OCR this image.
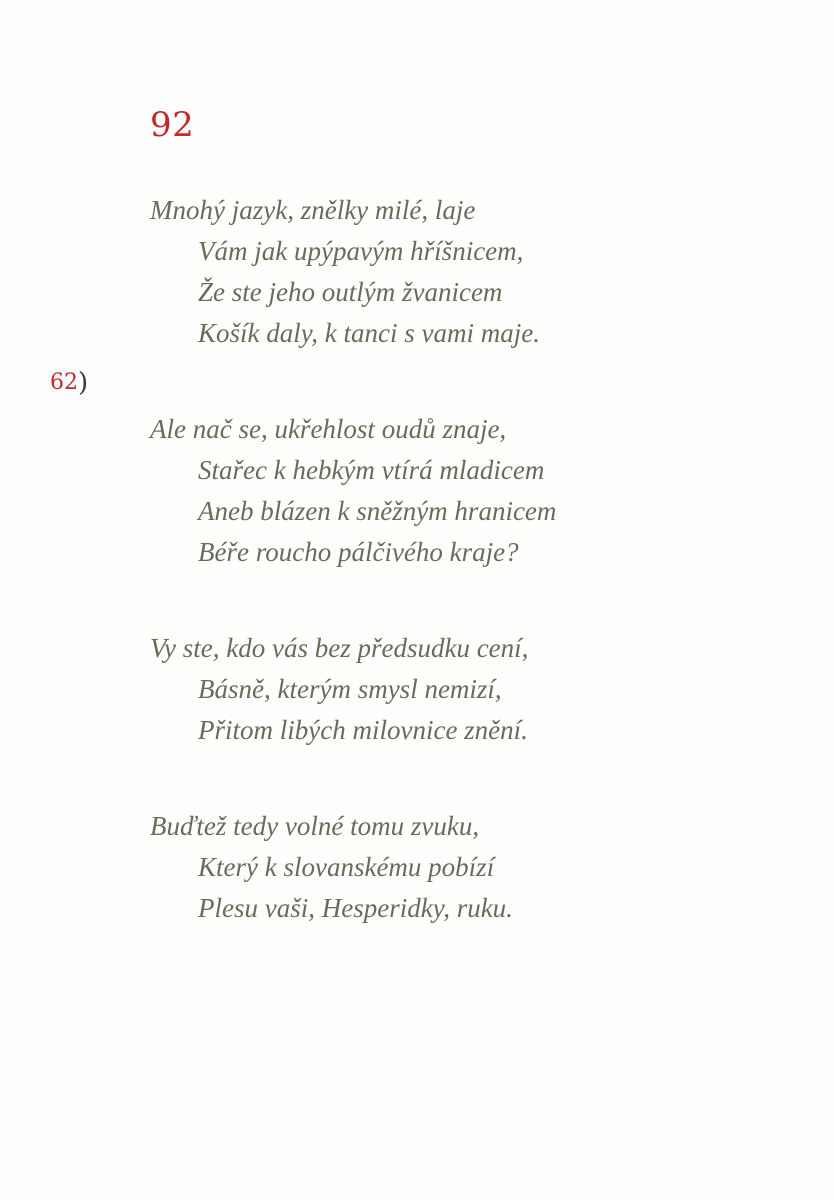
92
62)
Mnohý jazyk, znělky milé, laje
Vám jak upýpavým hříšnicem,
Že ste jeho outlým žvanicem
Košík daly, k tanci s vami maje.
Ale nač se, ukřehlost oudů znaje,
Stařec k hebkým vtírá mladicem
Aneb blázen k sněžným hranicem
Béře roucho pálčivého kraje?
Vy ste, kdo vás bez předsudku cení,
Básně, kterým smysl nemizí,
Přitom libých milovnice znění.
Buďtež tedy volné tomu zvuku,
Který k slovanskému pobízí
Plesu vaši, Hesperidky, ruku.
